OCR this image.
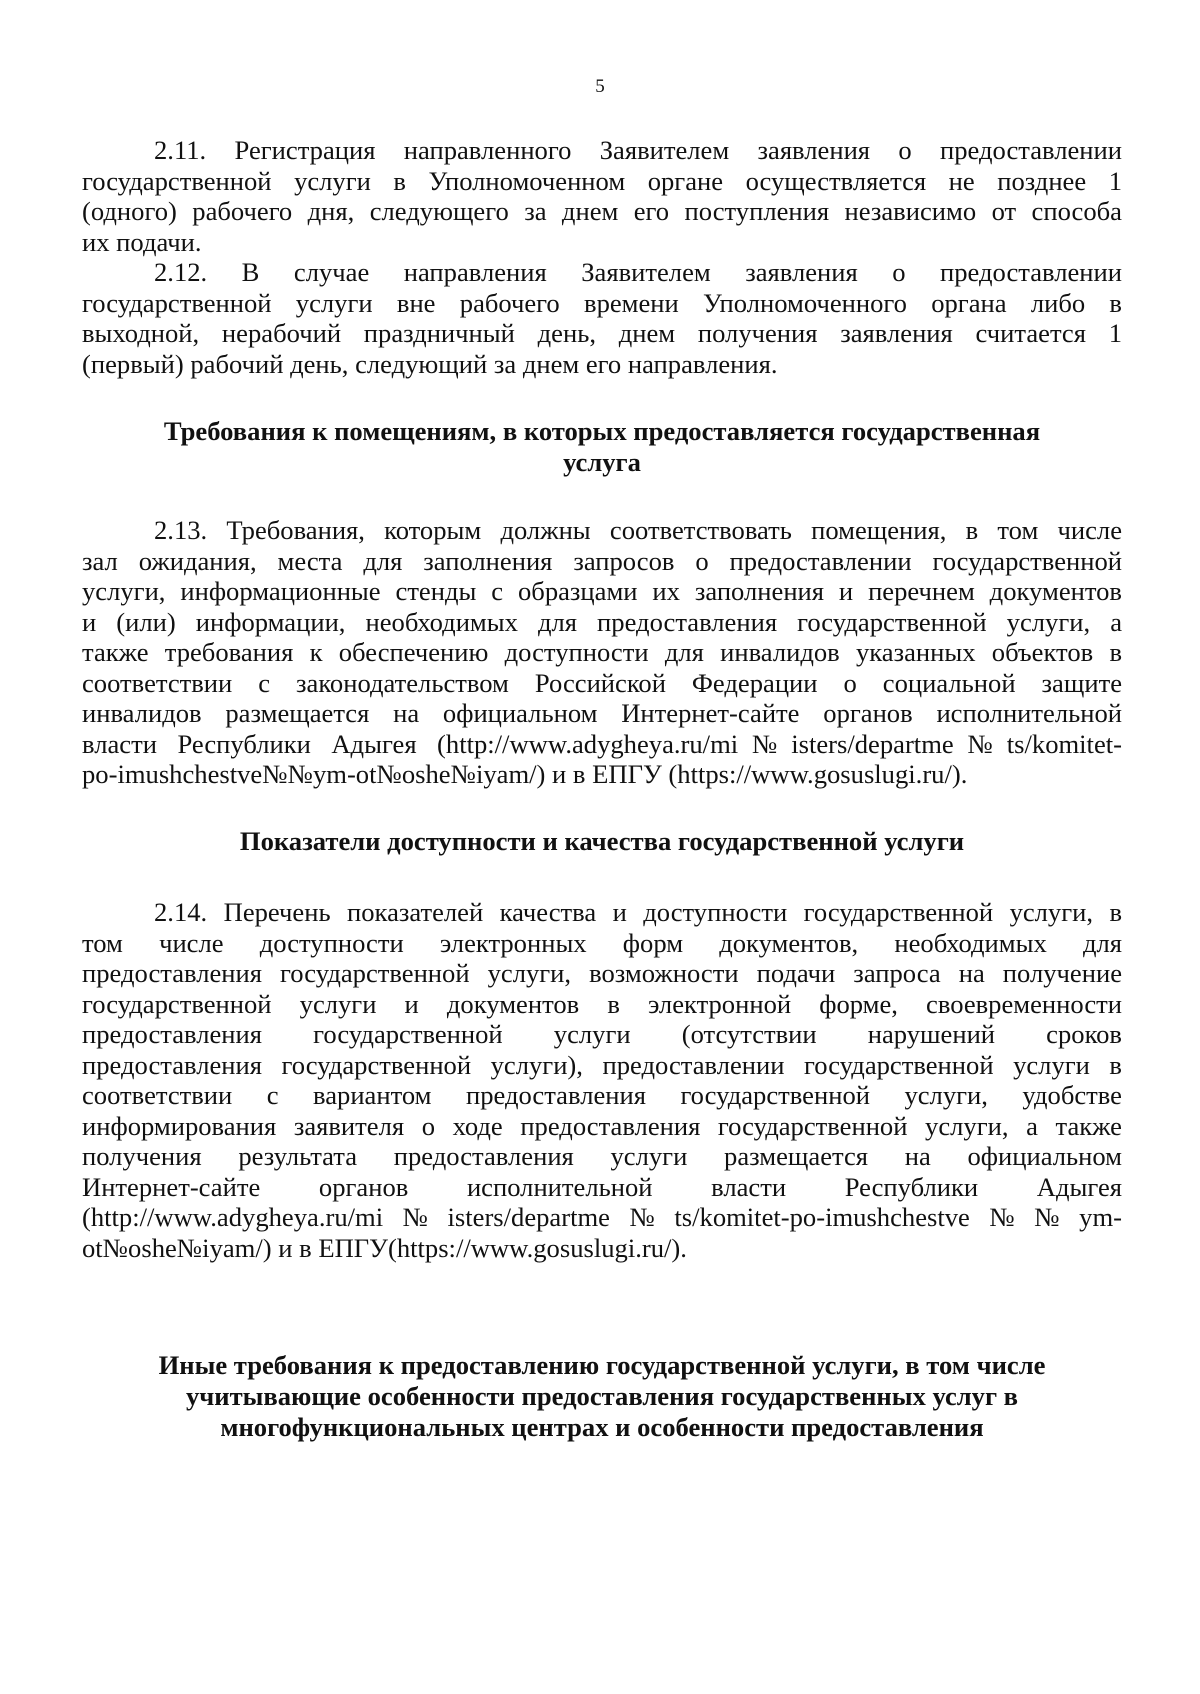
5
2.11. Регистрация направленного Заявителем заявления о предоставлении
государственной услуги в Уполномоченном органе осуществляется не позднее 1
(одного) рабочего дня, следующего за днем его поступления независимо от способа
их подачи.
2.12. В случае направления Заявителем заявления о предоставлении
государственной услуги вне рабочего времени Уполномоченного органа либо в
выходной, нерабочий праздничный день, днем получения заявления считается 1
(первый) рабочий день, следующий за днем его направления.
Требования к помещениям, в которых предоставляется государственная
услуга
2.13. Требования, которым должны соответствовать помещения, в том числе
зал ожидания, места для заполнения запросов о предоставлении государственной
услуги, информационные стенды с образцами их заполнения и перечнем документов
и (или) информации, необходимых для предоставления государственной услуги, а
также требования к обеспечению доступности для инвалидов указанных объектов в
соответствии с законодательством Российской Федерации о социальной защите
инвалидов размещается на официальном Интернет-сайте органов исполнительной
власти Республики Адыгея (http://www.adygheya.ru/mi№isters/departme№ts/komitet-
po-imushchestve№№ym-ot№oshe№iyam/) и в ЕПГУ (https://www.gosuslugi.ru/).
Показатели доступности и качества государственной услуги
2.14. Перечень показателей качества и доступности государственной услуги, в
том числе доступности электронных форм документов, необходимых для
предоставления государственной услуги, возможности подачи запроса на получение
государственной услуги и документов в электронной форме, своевременности
предоставления государственной услуги (отсутствии нарушений сроков
предоставления государственной услуги), предоставлении государственной услуги в
соответствии с вариантом предоставления государственной услуги, удобстве
информирования заявителя о ходе предоставления государственной услуги, а также
получения результата предоставления услуги размещается на официальном
Интернет-сайте органов исполнительной власти Республики Адыгея
(http://www.adygheya.ru/mi№isters/departme№ts/komitet-po-imushchestve№№ym-
ot№oshe№iyam/) и в ЕПГУ(https://www.gosuslugi.ru/).
Иные требования к предоставлению государственной услуги, в том числе
учитывающие особенности предоставления государственных услуг в
многофункциональных центрах и особенности предоставления
